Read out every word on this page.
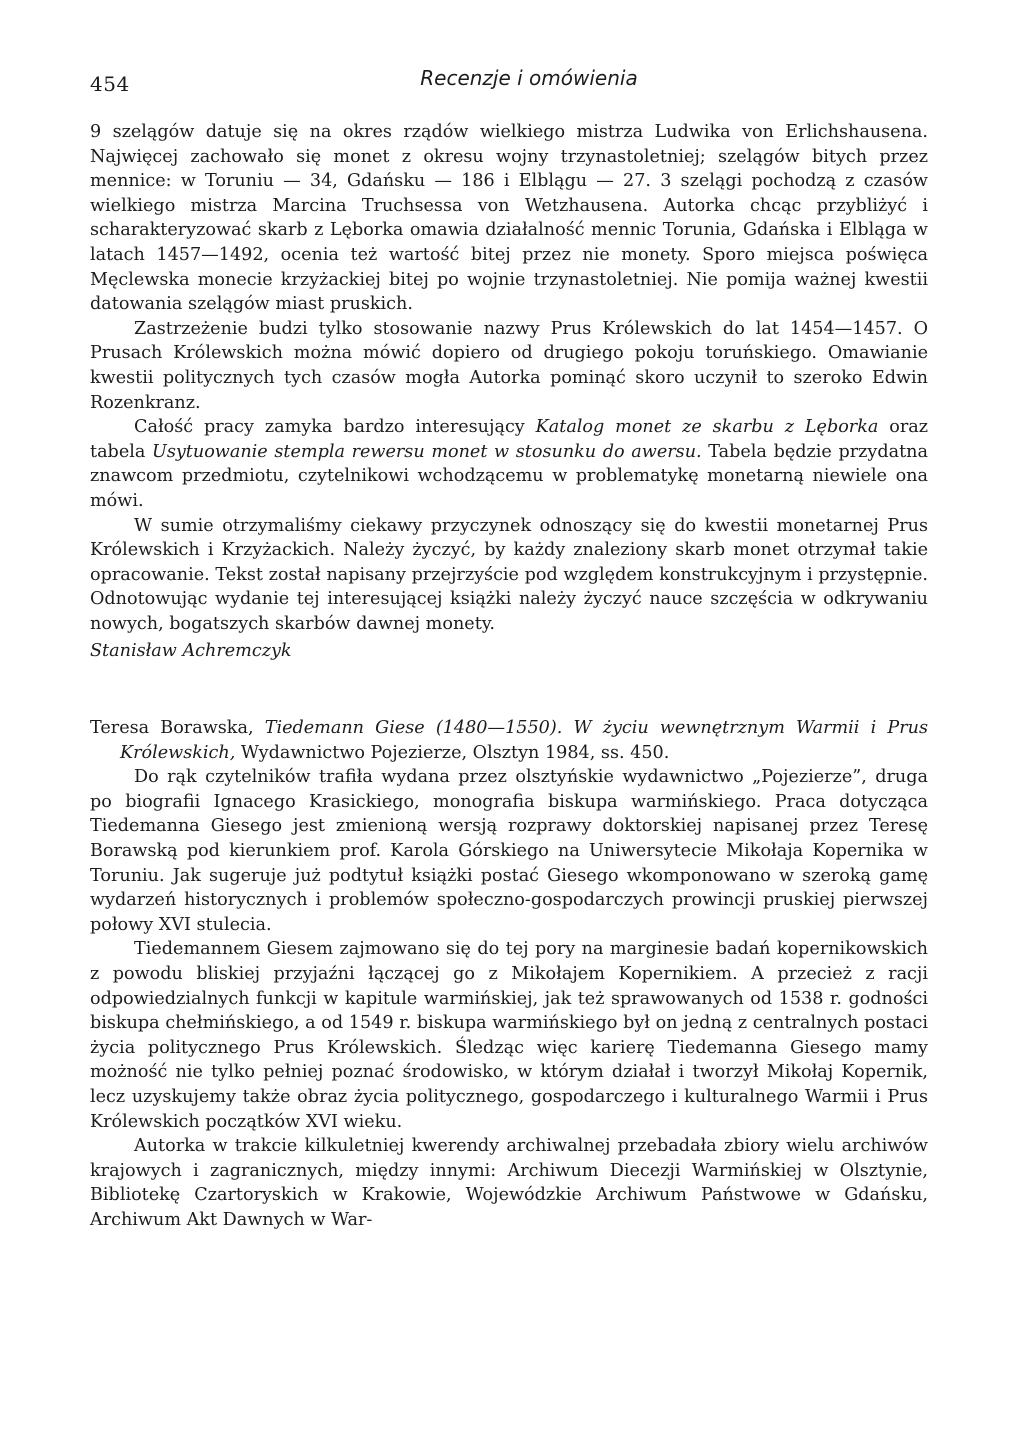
454	Recenzje i omówienia

9 szelągów datuje się na okres rządów wielkiego mistrza Ludwika von Erlichshausena. Najwięcej zachowało się monet z okresu wojny trzynastoletniej; szelągów bitych przez mennice: w Toruniu — 34, Gdańsku — 186 i Elblągu — 27. 3 szelągi pochodzą z czasów wielkiego mistrza Marcina Truchsessa von Wetzhausena. Autorka chcąc przybliżyć i scharakteryzować skarb z Lęborka omawia działalność mennic Torunia, Gdańska i Elbląga w latach 1457—1492, ocenia też wartość bitej przez nie monety. Sporo miejsca poświęca Męclewska monecie krzyżackiej bitej po wojnie trzynastoletniej. Nie pomija ważnej kwestii datowania szelągów miast pruskich.

Zastrzeżenie budzi tylko stosowanie nazwy Prus Królewskich do lat 1454—1457. O Prusach Królewskich można mówić dopiero od drugiego pokoju toruńskiego. Omawianie kwestii politycznych tych czasów mogła Autorka pominąć skoro uczynił to szeroko Edwin Rozenkranz.

Całość pracy zamyka bardzo interesujący Katalog monet ze skarbu z Lęborka oraz tabela Usytuowanie stempla rewersu monet w stosunku do awersu. Tabela będzie przydatna znawcom przedmiotu, czytelnikowi wchodzącemu w problematykę monetarną niewiele ona mówi.

W sumie otrzymaliśmy ciekawy przyczynek odnoszący się do kwestii monetarnej Prus Królewskich i Krzyżackich. Należy życzyć, by każdy znaleziony skarb monet otrzymał takie opracowanie. Tekst został napisany przejrzyście pod względem konstrukcyjnym i przystępnie. Odnotowując wydanie tej interesującej książki należy życzyć nauce szczęścia w odkrywaniu nowych, bogatszych skarbów dawnej monety.

Stanisław Achremczyk

Teresa Borawska, Tiedemann Giese (1480—1550). W życiu wewnętrznym Warmii i Prus Królewskich, Wydawnictwo Pojezierze, Olsztyn 1984, ss. 450.

Do rąk czytelników trafiła wydana przez olsztyńskie wydawnictwo „Pojezierze”, druga po biografii Ignacego Krasickiego, monografia biskupa warmińskiego. Praca dotycząca Tiedemanna Giesego jest zmienioną wersją rozprawy doktorskiej napisanej przez Teresę Borawską pod kierunkiem prof. Karola Górskiego na Uniwersytecie Mikołaja Kopernika w Toruniu. Jak sugeruje już podtytuł książki postać Giesego wkomponowano w szeroką gamę wydarzeń historycznych i problemów społeczno-gospodarczych prowincji pruskiej pierwszej połowy XVI stulecia.

Tiedemannem Giesem zajmowano się do tej pory na marginesie badań kopernikowskich z powodu bliskiej przyjaźni łączącej go z Mikołajem Kopernikiem. A przecież z racji odpowiedzialnych funkcji w kapitule warmińskiej, jak też sprawowanych od 1538 r. godności biskupa chełmińskiego, a od 1549 r. biskupa warmińskiego był on jedną z centralnych postaci życia politycznego Prus Królewskich. Śledząc więc karierę Tiedemanna Giesego mamy możność nie tylko pełniej poznać środowisko, w którym działał i tworzył Mikołaj Kopernik, lecz uzyskujemy także obraz życia politycznego, gospodarczego i kulturalnego Warmii i Prus Królewskich początków XVI wieku.

Autorka w trakcie kilkuletniej kwerendy archiwalnej przebadała zbiory wielu archiwów krajowych i zagranicznych, między innymi: Archiwum Diecezji Warmińskiej w Olsztynie, Bibliotekę Czartoryskich w Krakowie, Wojewódzkie Archiwum Państwowe w Gdańsku, Archiwum Akt Dawnych w War-
